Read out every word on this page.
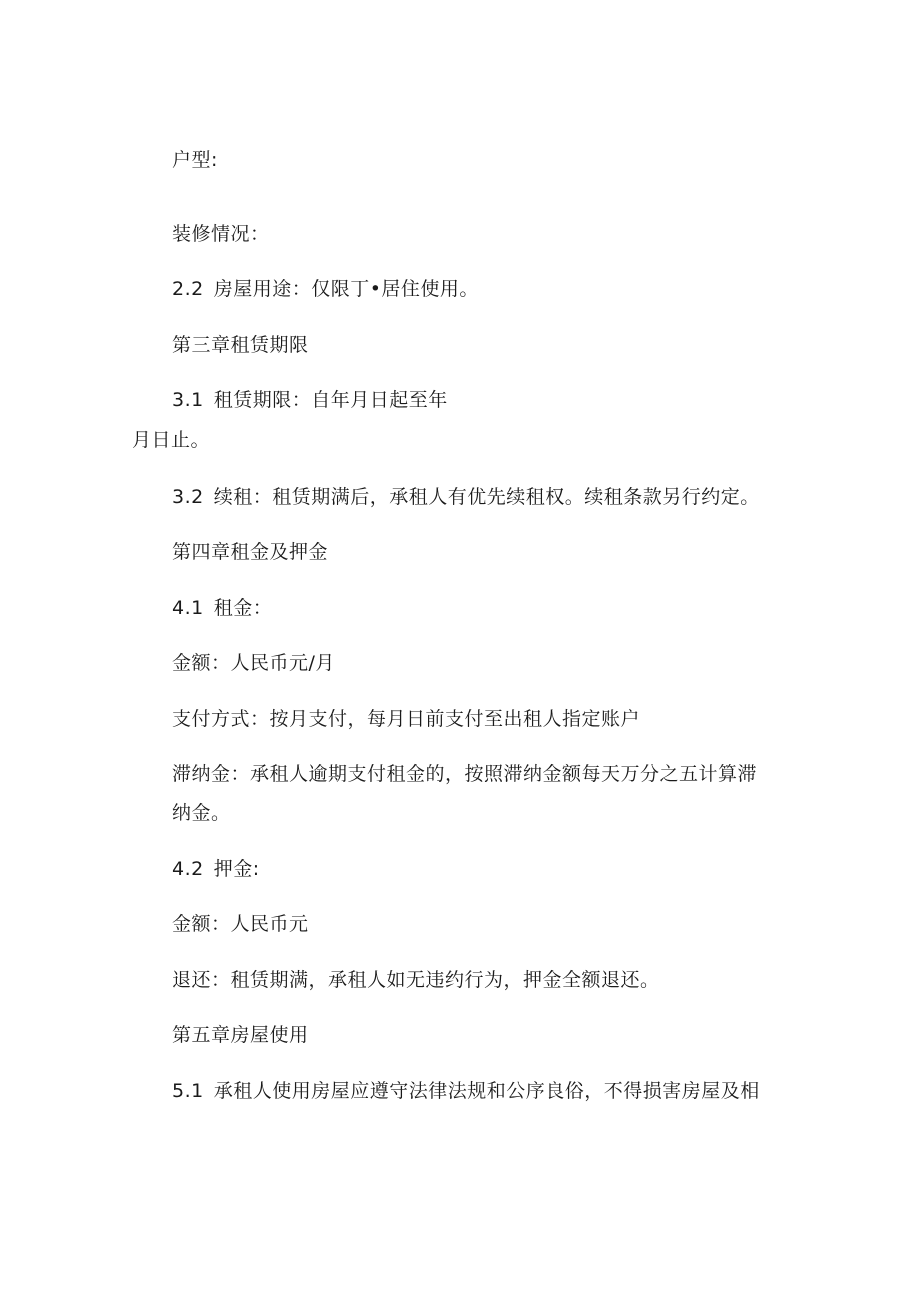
户型:
装修情况：
2.2 房屋用途：仅限丁•居住使用。
第三章租赁期限
3.1 租赁期限：自年月日起至年
月日止。
3.2 续租：租赁期满后，承租人有优先续租权。续租条款另行约定。
第四章租金及押金
4.1 租金：
金额：人民币元/月
支付方式：按月支付，每月日前支付至出租人指定账户
滞纳金：承租人逾期支付租金的，按照滞纳金额每天万分之五计算滞
纳金。
4.2 押金:
金额：人民币元
退还：租赁期满，承租人如无违约行为，押金全额退还。
第五章房屋使用
5.1 承租人使用房屋应遵守法律法规和公序良俗，不得损害房屋及相
